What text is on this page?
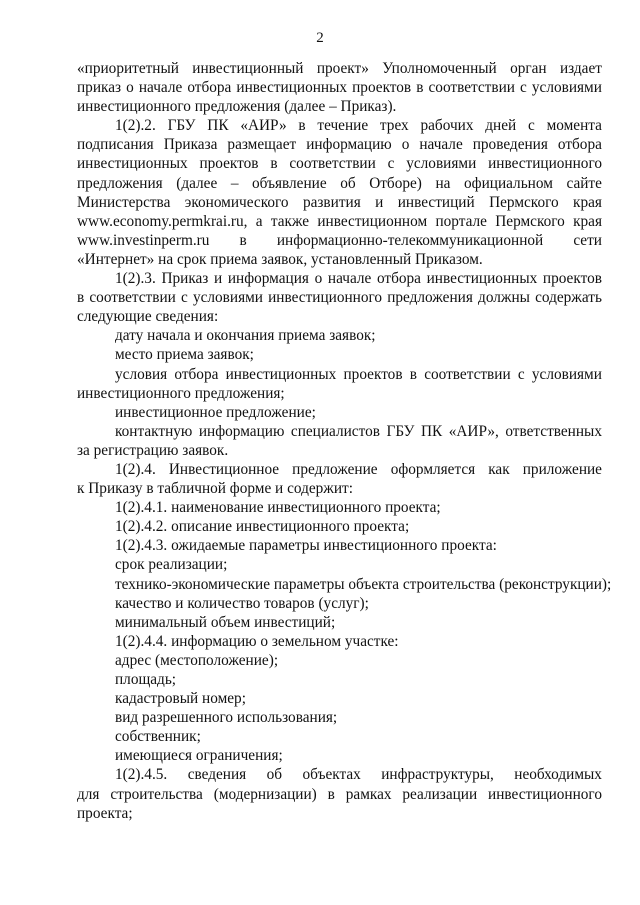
2
«приоритетный инвестиционный проект» Уполномоченный орган издает
приказ о начале отбора инвестиционных проектов в соответствии с условиями
инвестиционного предложения (далее – Приказ).
1(2).2. ГБУ ПК «АИР» в течение трех рабочих дней с момента
подписания Приказа размещает информацию о начале проведения отбора
инвестиционных проектов в соответствии с условиями инвестиционного
предложения (далее – объявление об Отборе) на официальном сайте
Министерства экономического развития и инвестиций Пермского края
www.economy.permkrai.ru, а также инвестиционном портале Пермского края
www.investinperm.ru в информационно-телекоммуникационной сети
«Интернет» на срок приема заявок, установленный Приказом.
1(2).3. Приказ и информация о начале отбора инвестиционных проектов
в соответствии с условиями инвестиционного предложения должны содержать
следующие сведения:
дату начала и окончания приема заявок;
место приема заявок;
условия отбора инвестиционных проектов в соответствии с условиями
инвестиционного предложения;
инвестиционное предложение;
контактную информацию специалистов ГБУ ПК «АИР», ответственных
за регистрацию заявок.
1(2).4. Инвестиционное предложение оформляется как приложение
к Приказу в табличной форме и содержит:
1(2).4.1. наименование инвестиционного проекта;
1(2).4.2. описание инвестиционного проекта;
1(2).4.3. ожидаемые параметры инвестиционного проекта:
срок реализации;
технико-экономические параметры объекта строительства (реконструкции);
качество и количество товаров (услуг);
минимальный объем инвестиций;
1(2).4.4. информацию о земельном участке:
адрес (местоположение);
площадь;
кадастровый номер;
вид разрешенного использования;
собственник;
имеющиеся ограничения;
1(2).4.5. сведения об объектах инфраструктуры, необходимых
для строительства (модернизации) в рамках реализации инвестиционного
проекта;
